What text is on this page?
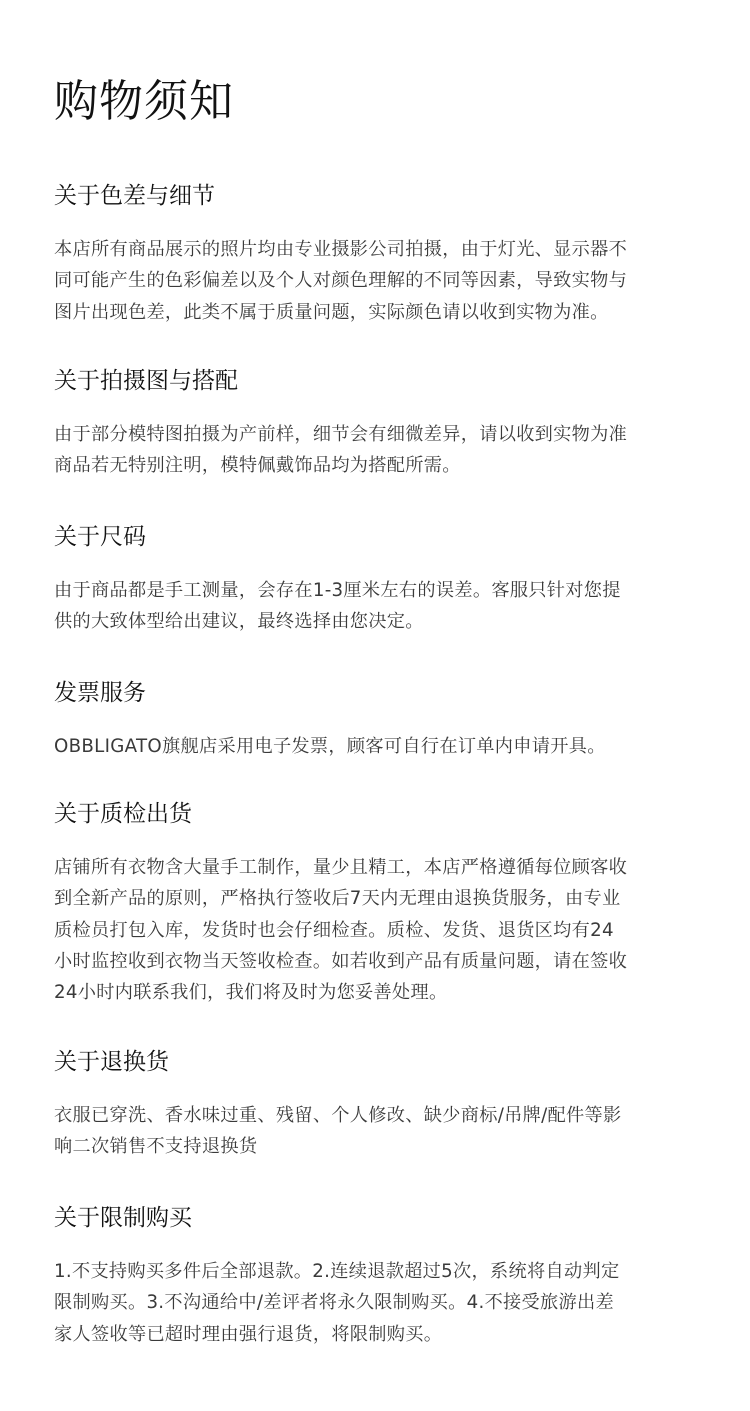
购物须知
关于色差与细节
本店所有商品展示的照片均由专业摄影公司拍摄，由于灯光、显示器不
同可能产生的色彩偏差以及个人对颜色理解的不同等因素，导致实物与
图片出现色差，此类不属于质量问题，实际颜色请以收到实物为准。
关于拍摄图与搭配
由于部分模特图拍摄为产前样，细节会有细微差异，请以收到实物为准
商品若无特别注明，模特佩戴饰品均为搭配所需。
关于尺码
由于商品都是手工测量，会存在1-3厘米左右的误差。客服只针对您提
供的大致体型给出建议，最终选择由您决定。
发票服务
OBBLIGATO旗舰店采用电子发票，顾客可自行在订单内申请开具。
关于质检出货
店铺所有衣物含大量手工制作，量少且精工，本店严格遵循每位顾客收
到全新产品的原则，严格执行签收后7天内无理由退换货服务，由专业
质检员打包入库，发货时也会仔细检查。质检、发货、退货区均有24
小时监控收到衣物当天签收检查。如若收到产品有质量问题，请在签收
24小时内联系我们，我们将及时为您妥善处理。
关于退换货
衣服已穿洗、香水味过重、残留、个人修改、缺少商标/吊牌/配件等影
响二次销售不支持退换货
关于限制购买
1.不支持购买多件后全部退款。2.连续退款超过5次，系统将自动判定
限制购买。3.不沟通给中/差评者将永久限制购买。4.不接受旅游出差
家人签收等已超时理由强行退货，将限制购买。
